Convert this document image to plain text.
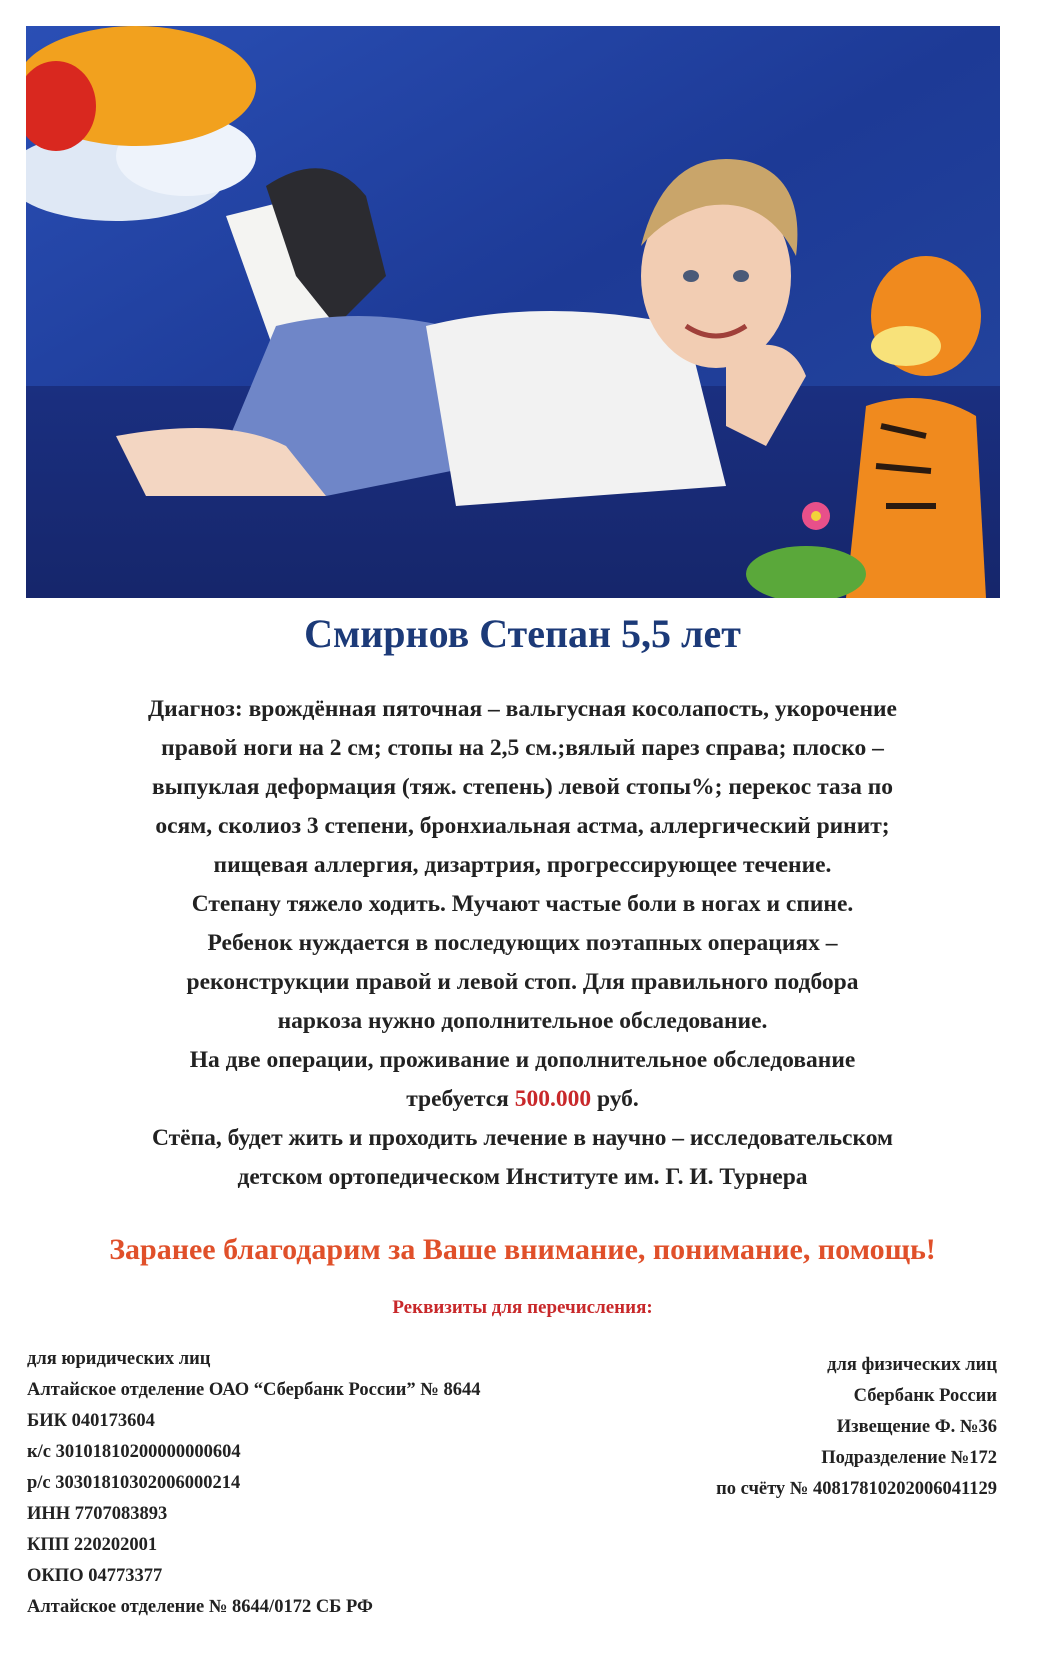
Смирнов Степан 5,5 лет
Диагноз: врождённая пяточная – вальгусная косолапость, укорочение
правой ноги на 2 см; стопы на 2,5 см.;вялый парез справа; плоско –
выпуклая деформация (тяж. степень) левой стопы%; перекос таза по
осям, сколиоз 3 степени, бронхиальная астма, аллергический ринит;
пищевая аллергия, дизартрия, прогрессирующее течение.
Степану тяжело ходить. Мучают частые боли в ногах и спине.
Ребенок нуждается в последующих поэтапных операциях –
реконструкции правой и левой стоп. Для правильного подбора
наркоза нужно дополнительное обследование.
На две операции, проживание и дополнительное обследование
требуется 500.000 руб.
Стёпа, будет жить и проходить лечение в научно – исследовательском
детском ортопедическом Институте им. Г. И. Турнера
Заранее благодарим за Ваше внимание, понимание, помощь!
Реквизиты для перечисления:
для юридических лиц
Алтайское отделение ОАО “Сбербанк России” № 8644
БИК 040173604
к/с 30101810200000000604
р/с 30301810302006000214
ИНН 7707083893
КПП 220202001
ОКПО 04773377
Алтайское отделение № 8644/0172 СБ РФ
для физических лиц
Сбербанк России
Извещение Ф. №36
Подразделение №172
по счёту № 40817810202006041129
